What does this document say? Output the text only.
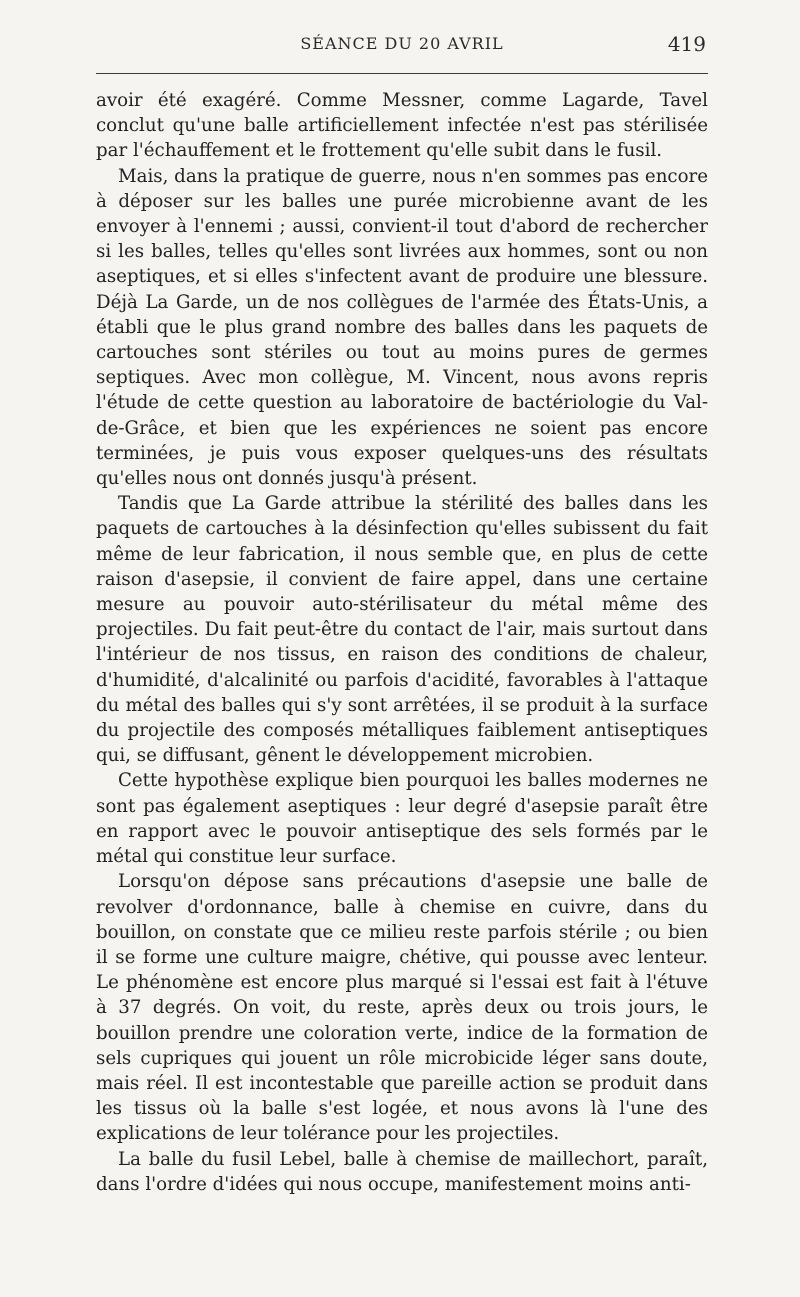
SÉANCE DU 20 AVRIL	419

avoir été exagéré. Comme Messner, comme Lagarde, Tavel conclut qu'une balle artificiellement infectée n'est pas stérilisée par l'échauffement et le frottement qu'elle subit dans le fusil.

Mais, dans la pratique de guerre, nous n'en sommes pas encore à déposer sur les balles une purée microbienne avant de les envoyer à l'ennemi ; aussi, convient-il tout d'abord de rechercher si les balles, telles qu'elles sont livrées aux hommes, sont ou non aseptiques, et si elles s'infectent avant de produire une blessure. Déjà La Garde, un de nos collègues de l'armée des États-Unis, a établi que le plus grand nombre des balles dans les paquets de cartouches sont stériles ou tout au moins pures de germes septiques. Avec mon collègue, M. Vincent, nous avons repris l'étude de cette question au laboratoire de bactériologie du Val-de-Grâce, et bien que les expériences ne soient pas encore terminées, je puis vous exposer quelques-uns des résultats qu'elles nous ont donnés jusqu'à présent.

Tandis que La Garde attribue la stérilité des balles dans les paquets de cartouches à la désinfection qu'elles subissent du fait même de leur fabrication, il nous semble que, en plus de cette raison d'asepsie, il convient de faire appel, dans une certaine mesure au pouvoir auto-stérilisateur du métal même des projectiles. Du fait peut-être du contact de l'air, mais surtout dans l'intérieur de nos tissus, en raison des conditions de chaleur, d'humidité, d'alcalinité ou parfois d'acidité, favorables à l'attaque du métal des balles qui s'y sont arrêtées, il se produit à la surface du projectile des composés métalliques faiblement antiseptiques qui, se diffusant, gênent le développement microbien.

Cette hypothèse explique bien pourquoi les balles modernes ne sont pas également aseptiques : leur degré d'asepsie paraît être en rapport avec le pouvoir antiseptique des sels formés par le métal qui constitue leur surface.

Lorsqu'on dépose sans précautions d'asepsie une balle de revolver d'ordonnance, balle à chemise en cuivre, dans du bouillon, on constate que ce milieu reste parfois stérile ; ou bien il se forme une culture maigre, chétive, qui pousse avec lenteur. Le phénomène est encore plus marqué si l'essai est fait à l'étuve à 37 degrés. On voit, du reste, après deux ou trois jours, le bouillon prendre une coloration verte, indice de la formation de sels cupriques qui jouent un rôle microbicide léger sans doute, mais réel. Il est incontestable que pareille action se produit dans les tissus où la balle s'est logée, et nous avons là l'une des explications de leur tolérance pour les projectiles.

La balle du fusil Lebel, balle à chemise de maillechort, paraît, dans l'ordre d'idées qui nous occupe, manifestement moins anti-
